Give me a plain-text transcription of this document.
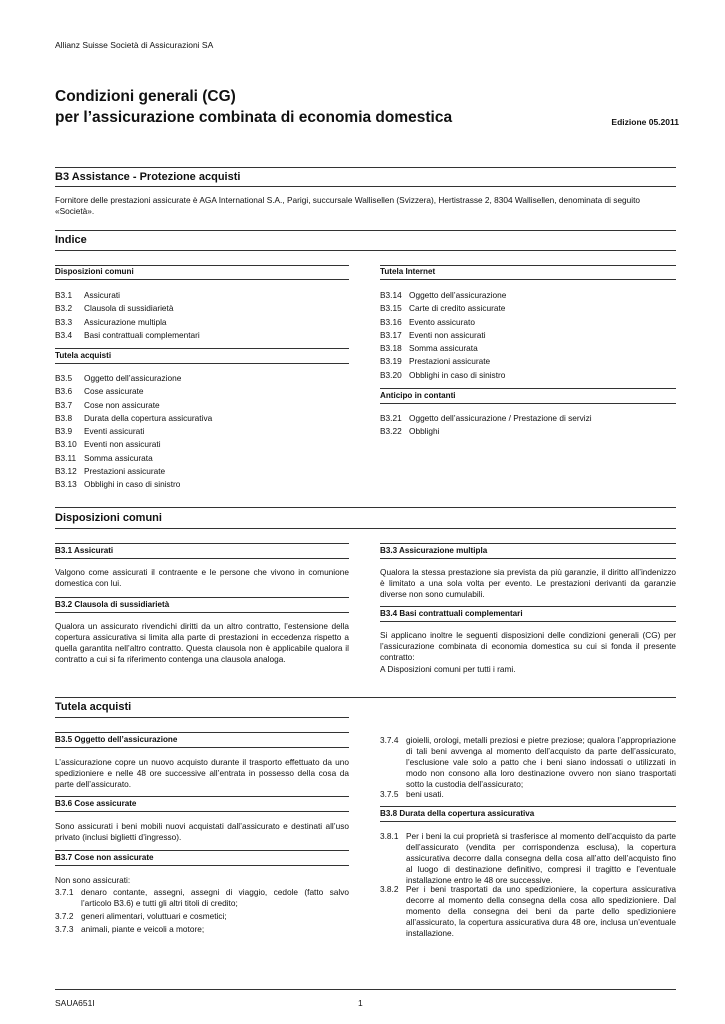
Allianz Suisse Società di Assicurazioni SA
Condizioni generali (CG)
per l’assicurazione combinata di economia domestica	Edizione 05.2011
B3 Assistance - Protezione acquisti
Fornitore delle prestazioni assicurate è AGA International S.A., Parigi, succursale Wallisellen (Svizzera), Hertistrasse 2, 8304 Wallisellen, denominata di seguito
«Società».
Indice
Disposizioni comuni
B3.1	Assicurati
B3.2	Clausola di sussidiarietà
B3.3	Assicurazione multipla
B3.4	Basi contrattuali complementari
Tutela acquisti
B3.5	Oggetto dell’assicurazione
B3.6	Cose assicurate
B3.7	Cose non assicurate
B3.8	Durata della copertura assicurativa
B3.9	Eventi assicurati
B3.10 Eventi non assicurati
B3.11 Somma assicurata
B3.12 Prestazioni assicurate
B3.13 Obblighi in caso di sinistro
Tutela Internet
B3.14 Oggetto dell’assicurazione
B3.15 Carte di credito assicurate
B3.16 Evento assicurato
B3.17 Eventi non assicurati
B3.18 Somma assicurata
B3.19 Prestazioni assicurate
B3.20 Obblighi in caso di sinistro
Anticipo in contanti
B3.21 Oggetto dell’assicurazione / Prestazione di servizi
B3.22 Obblighi
Disposizioni comuni
B3.1 Assicurati
Valgono come assicurati il contraente e le persone che vivono in comunione domestica con lui.
B3.2 Clausola di sussidiarietà
Qualora un assicurato rivendichi diritti da un altro contratto, l’estensione della copertura assicurativa si limita alla parte di prestazioni in eccedenza rispetto a quella garantita nell’altro contratto. Questa clausola non è applicabile qualora il contratto a cui si fa riferimento contenga una clausola analoga.
B3.3 Assicurazione multipla
Qualora la stessa prestazione sia prevista da più garanzie, il diritto all’indenizzo è limitato a una sola volta per evento. Le prestazioni derivanti da garanzie diverse non sono cumulabili.
B3.4 Basi contrattuali complementari
Si applicano inoltre le seguenti disposizioni delle condizioni generali (CG) per l’assicurazione combinata di economia domestica su cui si fonda il presente contratto:
A Disposizioni comuni per tutti i rami.
Tutela acquisti
B3.5 Oggetto dell’assicurazione
L’assicurazione copre un nuovo acquisto durante il trasporto effettuato da uno spedizioniere e nelle 48 ore successive all’entrata in possesso della cosa da parte dell’assicurato.
B3.6 Cose assicurate
Sono assicurati i beni mobili nuovi acquistati dall’assicurato e destinati all’uso privato (inclusi biglietti d’ingresso).
B3.7 Cose non assicurate
Non sono assicurati:
3.7.1 denaro contante, assegni, assegni di viaggio, cedole (fatto salvo l’articolo B3.6) e tutti gli altri titoli di credito;
3.7.2 generi alimentari, voluttuari e cosmetici;
3.7.3 animali, piante e veicoli a motore;
3.7.4 gioielli, orologi, metalli preziosi e pietre preziose; qualora l’appropriazione di tali beni avvenga al momento dell’acquisto da parte dell’assicurato, l’esclusione vale solo a patto che i beni siano indossati o utilizzati in modo non consono alla loro destinazione ovvero non siano trasportati sotto la custodia dell’assicurato;
3.7.5 beni usati.
B3.8 Durata della copertura assicurativa
3.8.1 Per i beni la cui proprietà si trasferisce al momento dell’acquisto da parte dell’assicurato (vendita per corrispondenza esclusa), la copertura assicurativa decorre dalla consegna della cosa all’atto dell’acquisto fino al luogo di destinazione definitivo, compresi il tragitto e l’eventuale installazione entro le 48 ore successive.
3.8.2 Per i beni trasportati da uno spedizioniere, la copertura assicurativa decorre al momento della consegna della cosa allo spedizioniere. Dal momento della consegna dei beni da parte dello spedizioniere all’assicurato, la copertura assicurativa dura 48 ore, inclusa un’eventuale installazione.
SAUA651I	1
